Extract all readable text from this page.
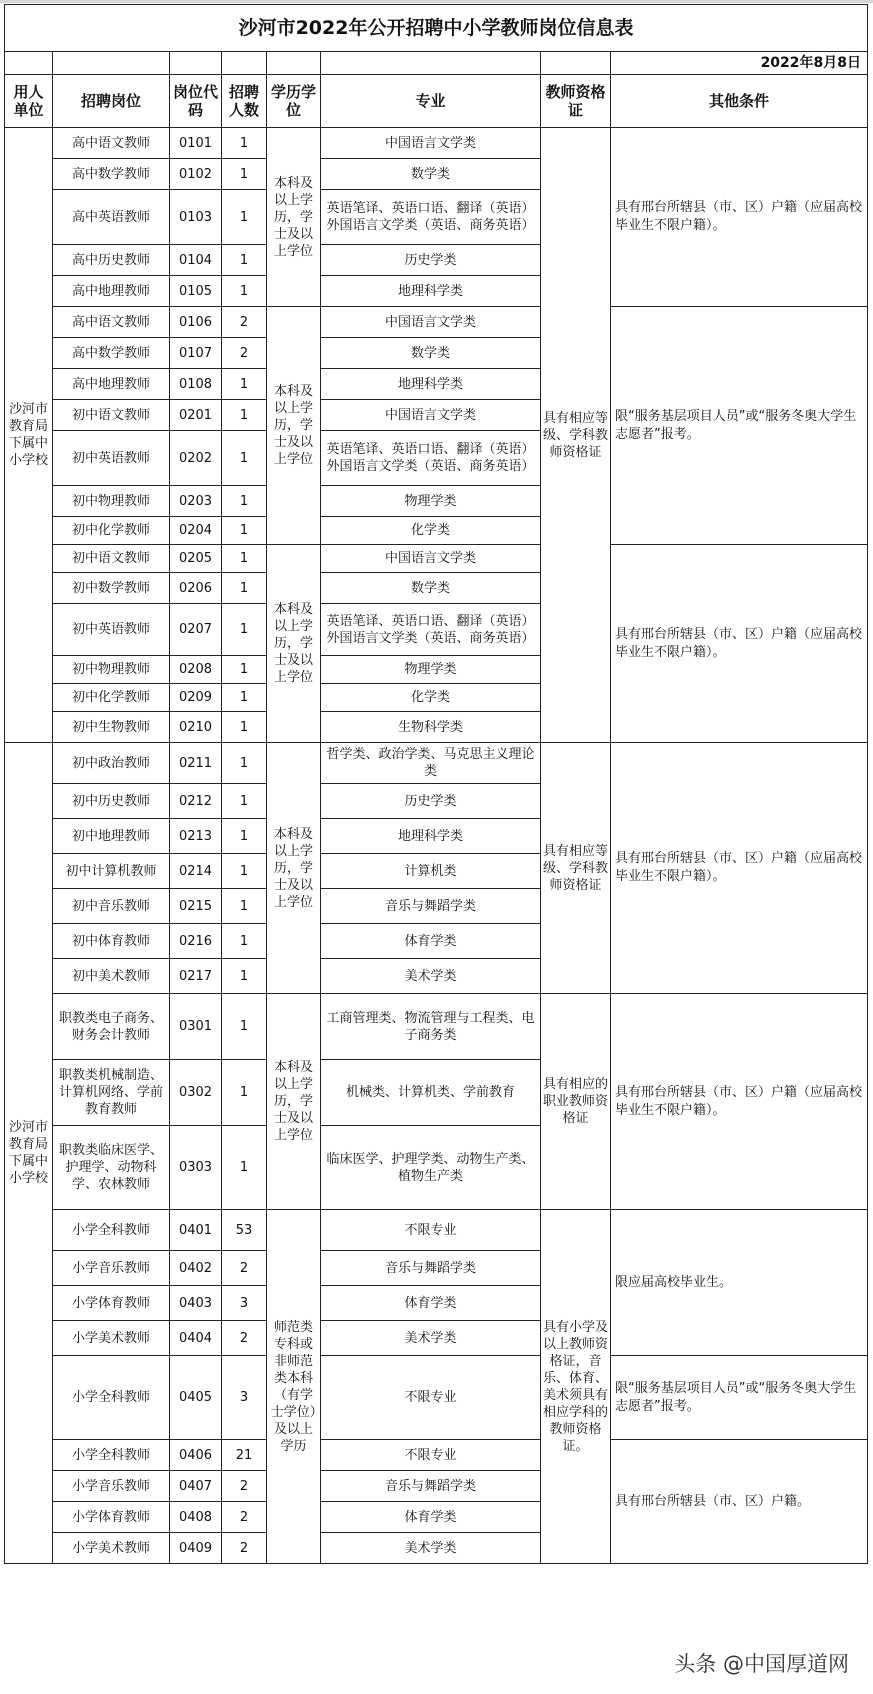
沙河市2022年公开招聘中小学教师岗位信息表							
							2022年8月8日
用人单位	招聘岗位	岗位代码	招聘人数	学历学位	专业	教师资格证	其他条件
沙河市教育局下属中小学校	高中语文教师	0101	1	本科及以上学历，学士及以上学位	中国语言文学类	具有相应等级、学科教师资格证	具有邢台所辖县（市、区）户籍（应届高校毕业生不限户籍）。
	高中数学教师	0102	1		数学类		
	高中英语教师	0103	1		英语笔译、英语口语、翻译（英语）外国语言文学类（英语、商务英语）		
	高中历史教师	0104	1		历史学类		
	高中地理教师	0105	1		地理科学类		
	高中语文教师	0106	2	本科及以上学历，学士及以上学位	中国语言文学类		限“服务基层项目人员”或“服务冬奥大学生志愿者”报考。
	高中数学教师	0107	2		数学类		
	高中地理教师	0108	1		地理科学类		
	初中语文教师	0201	1		中国语言文学类		
	初中英语教师	0202	1		英语笔译、英语口语、翻译（英语）外国语言文学类（英语、商务英语）		
	初中物理教师	0203	1		物理学类		
	初中化学教师	0204	1		化学类		
	初中语文教师	0205	1	本科及以上学历，学士及以上学位	中国语言文学类		具有邢台所辖县（市、区）户籍（应届高校毕业生不限户籍）。
	初中数学教师	0206	1		数学类		
	初中英语教师	0207	1		英语笔译、英语口语、翻译（英语）外国语言文学类（英语、商务英语）		
	初中物理教师	0208	1		物理学类		
	初中化学教师	0209	1		化学类		
	初中生物教师	0210	1		生物科学类		
沙河市教育局下属中小学校	初中政治教师	0211	1	本科及以上学历，学士及以上学位	哲学类、政治学类、马克思主义理论类	具有相应等级、学科教师资格证	具有邢台所辖县（市、区）户籍（应届高校毕业生不限户籍）。
	初中历史教师	0212	1		历史学类		
	初中地理教师	0213	1		地理科学类		
	初中计算机教师	0214	1		计算机类		
	初中音乐教师	0215	1		音乐与舞蹈学类		
	初中体育教师	0216	1		体育学类		
	初中美术教师	0217	1		美术学类		
	职教类电子商务、财务会计教师	0301	1	本科及以上学历，学士及以上学位	工商管理类、物流管理与工程类、电子商务类	具有相应的职业教师资格证	具有邢台所辖县（市、区）户籍（应届高校毕业生不限户籍）。
	职教类机械制造、计算机网络、学前教育教师	0302	1		机械类、计算机类、学前教育		
	职教类临床医学、护理学、动物科学、农林教师	0303	1		临床医学、护理学类、动物生产类、植物生产类		
	小学全科教师	0401	53	师范类专科或非师范类本科（有学士学位）及以上学历	不限专业	具有小学及以上教师资格证，音乐、体育、美术须具有相应学科的教师资格证。	限应届高校毕业生。
	小学音乐教师	0402	2		音乐与舞蹈学类		
	小学体育教师	0403	3		体育学类		
	小学美术教师	0404	2		美术学类		
	小学全科教师	0405	3		不限专业		限“服务基层项目人员”或“服务冬奥大学生志愿者”报考。
	小学全科教师	0406	21		不限专业		具有邢台所辖县（市、区）户籍。
	小学音乐教师	0407	2		音乐与舞蹈学类		
	小学体育教师	0408	2		体育学类		
	小学美术教师	0409	2		美术学类		
头条 @中国厚道网
